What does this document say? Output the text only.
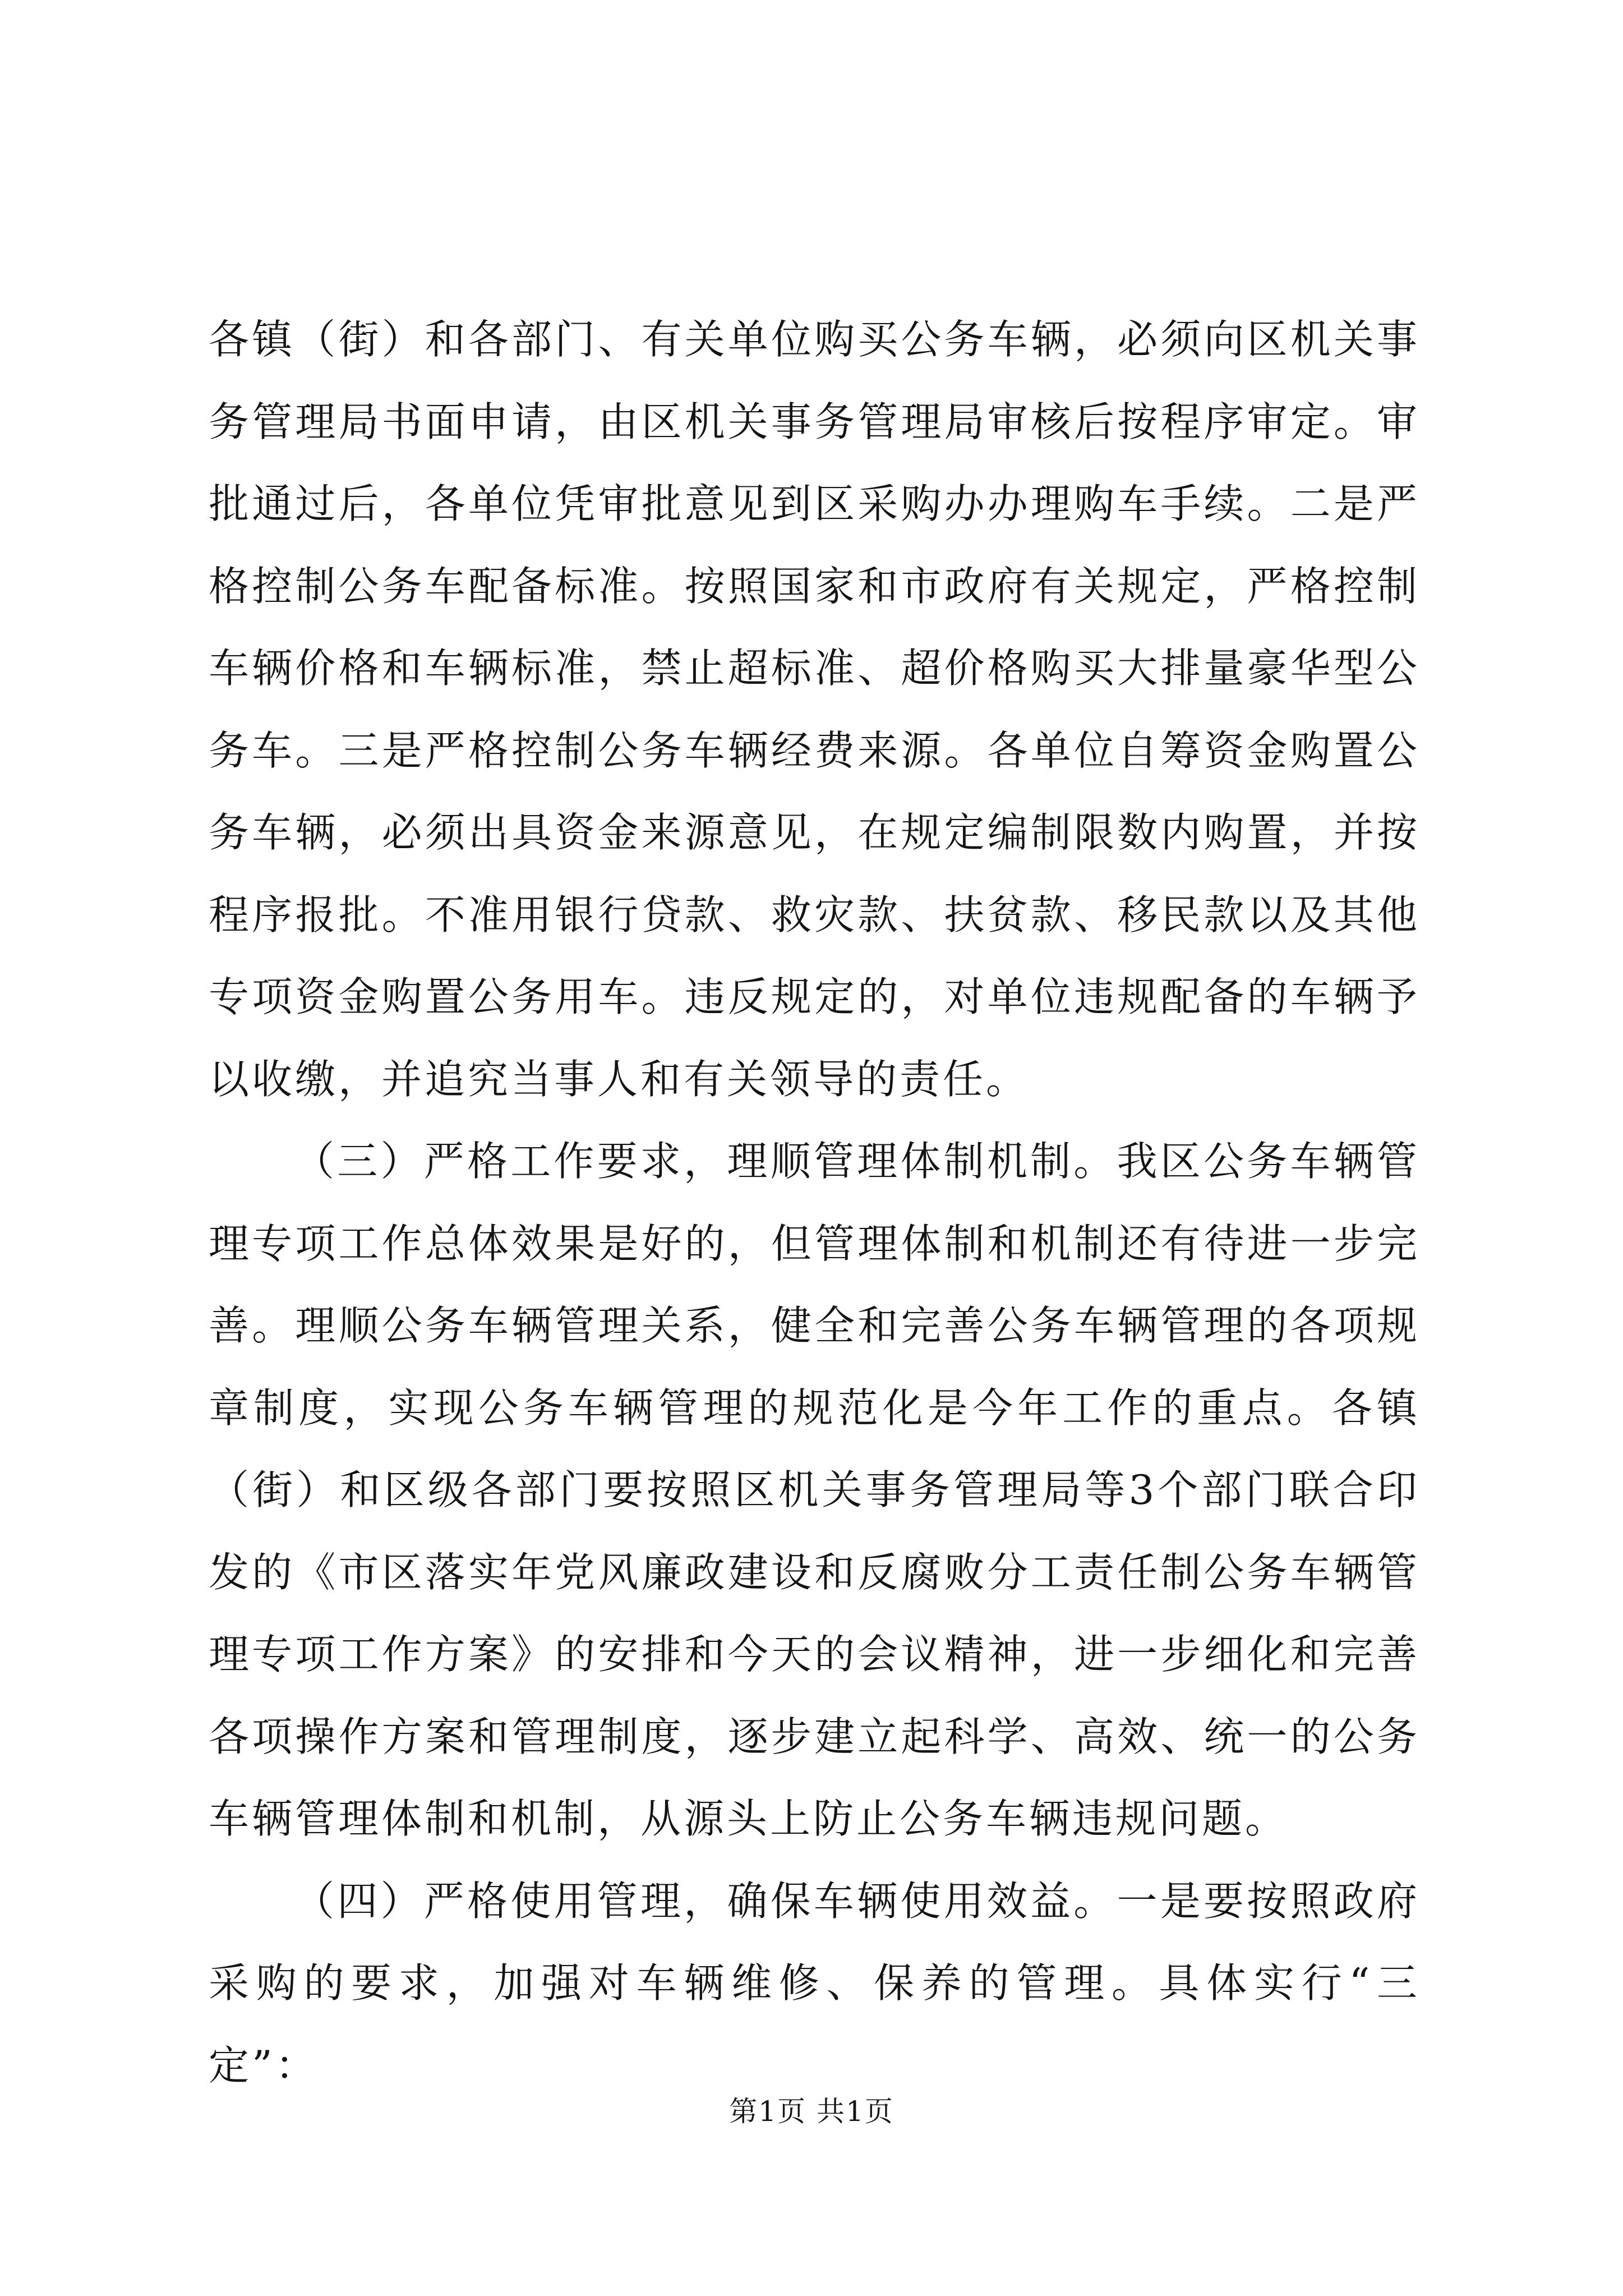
各镇（街）和各部门、有关单位购买公务车辆，必须向区机关事务管理局书面申请，由区机关事务管理局审核后按程序审定。审批通过后，各单位凭审批意见到区采购办办理购车手续。二是严格控制公务车配备标准。按照国家和市政府有关规定，严格控制车辆价格和车辆标准，禁止超标准、超价格购买大排量豪华型公务车。三是严格控制公务车辆经费来源。各单位自筹资金购置公务车辆，必须出具资金来源意见，在规定编制限数内购置，并按程序报批。不准用银行贷款、救灾款、扶贫款、移民款以及其他专项资金购置公务用车。违反规定的，对单位违规配备的车辆予以收缴，并追究当事人和有关领导的责任。

（三）严格工作要求，理顺管理体制机制。我区公务车辆管理专项工作总体效果是好的，但管理体制和机制还有待进一步完善。理顺公务车辆管理关系，健全和完善公务车辆管理的各项规章制度，实现公务车辆管理的规范化是今年工作的重点。各镇（街）和区级各部门要按照区机关事务管理局等3个部门联合印发的《市区落实年党风廉政建设和反腐败分工责任制公务车辆管理专项工作方案》的安排和今天的会议精神，进一步细化和完善各项操作方案和管理制度，逐步建立起科学、高效、统一的公务车辆管理体制和机制，从源头上防止公务车辆违规问题。

（四）严格使用管理，确保车辆使用效益。一是要按照政府采购的要求，加强对车辆维修、保养的管理。具体实行“三定”：

第1页 共1页
